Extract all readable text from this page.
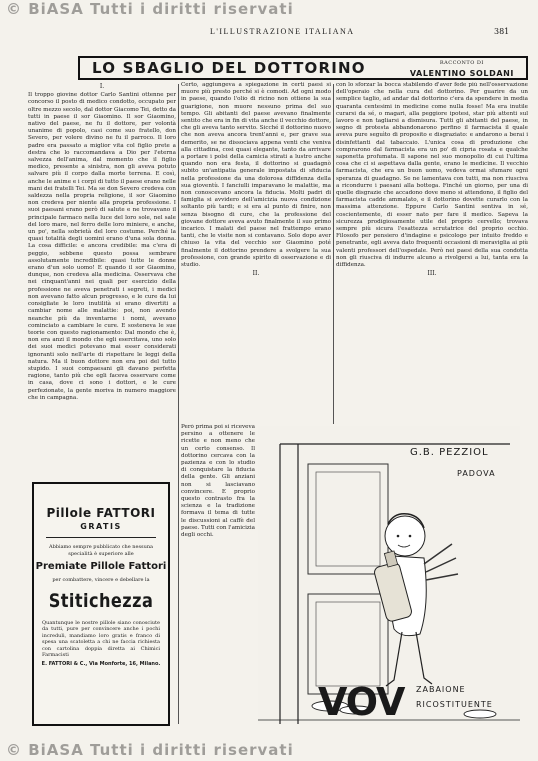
© BiASA Tutti i diritti riservati
L'ILLUSTRAZIONE ITALIANA	381
LO SBAGLIO DEL DOTTORINO	RACCONTO DI
VALENTINO SOLDANI
I.
Il troppo giovine dottor Carlo Santini ottenne per concorso il posto di medico condotto, occupato per oltre mezzo secolo, dal dottor Giacomo Tei, detto da tutti in paese il sor Giaomino. Il sor Giaomino, nativo del paese, ne fu il dottore, per volontà unanime di popolo, casi come suo fratello, don Severo, per volere divino ne fu il parroco. Il loro padre era passato a miglior vita col figlio prete a destra che lo raccomandava a Dio per l'eterna salvezza dell'anima, dal momento che il figlio medico, presente a sinistra, non gli aveva potuto salvare più il corpo dalla morte terrena. E così, anche le anime e i corpi di tutto il paese erano nelle mani dei fratelli Tei. Ma se don Severo credeva con saldezza nella propria religione, il sor Giaomino non credeva per niente alla propria professione. I suoi paesani erano però di salute e ne trovavano il principale farmaco nella luce del loro sole, nel sale del loro mare, nel ferro delle loro miniere, e anche, un po', nella sobrietà del loro costume. Perché la quasi totalità degli uomini erano d'una sola donna. La cosa difficile: e ancora credibile: ma c'era di peggio, sebbene questo possa sembrare assolutamente incredibile: quasi tutte le donne erano d'un solo uomo! E quando il sor Giaomino, dunque, non credeva alla medicina. Osservava che nei cinquant'anni nei quali per esercizio della professione ne aveva penetrati i segreti, i medici non avevano fatto alcun progresso, e le cure da lui consigliate le loro inutilità si erano divertiti a cambiar nome alle malattie: poi, non avendo neanche più da inventarne i nomi, avevano cominciato a cambiare le cure. E sosteneva le sue teorie con questo ragionamento: Dal mondo che è, non era anzi il mondo che egli esercitava, uno solo dei suoi medici potevano mai esser considerati ignoranti solo nell'arte di rispettare le leggi della natura. Ma il buon dottore non era poi del tutto stupido. I suoi compaesani gli davano perfetta ragione, tanto più che egli faceva osservare come in casa, dove ci sono i dottori, e le cure perfezionate, la gente moriva in numero maggiore che in campagna.
Certo, aggiungeva a spiegazione in certi paesi si muore più presto perché si è comodi. Ad ogni modo in paese, quando l'olio di ricino non ottiene la sua guarigione, non muore nessuno prima del suo tempo. Gli abitanti del paese avevano finalmente sentito che era in fin di vita anche il vecchio dottore, che gli aveva tanto servito. Sicché il dottorino nuovo che non aveva ancora trent'anni e, per grave sua demerito, se ne dissociava appena venti che veniva alla cittadina, cosi quasi elegante, tanto da arrivare a portare i polsi della camicia stirati a lustro anche quando non era festa, il dottorino si guadagnò subito un'antipatia generale impostata di sfiducia nella professione da una dolorosa diffidenza della sua gioventù. I fanciulli imparavano le malattie, ma non conoscevano ancora la fiducia. Molti padri di famiglia si avvidero dell'amicizia nuova condizione soltanto più tardi; e si era al punto di finire, non senza bisogno di cure, che la professione del giovane dottore aveva avuto finalmente il suo primo incarico. I malati del paese nel frattempo erano tanti, che le visite non si contavano. Solo dopo aver chiuso la vita del vecchio sor Giaomino poté finalmente il dottorino prendere a svolgere la sua professione, con grande spirito di osservazione e di studio.
II.
con lo sforzar la bocca stabilendo d'aver fede più nell'osservazione dell'operaio che nella cura del dottorino. Per guarire da un semplice taglio, ad andar dal dottorino c'era da spendere in media quaranta centesimi in medicine come nulla fosse! Ma era inutile curarsi da sé, o magari, alla peggiore ipotesi, star più attenti sul lavoro e non tagliarsi a dismisura. Tutti gli abitanti del paese, in segno di protesta abbandonarono perfino il farmacista il quale aveva pure seguìto di proposito e disgraziato: e andarono a berai i disinfettanti dal tabaccaio. L'unica cosa di produzione che comprarono dal farmacista era un po' di cipria rosata e qualche saponetta profumata. Il sapone nel suo monopolio di cui l'ultima cosa che ci si aspettava dalla gente, erano le medicine. Il vecchio farmacista, che era un buon uomo, vedeva ormai sfumare ogni speranza di guadagno. Se ne lamentava con tutti, ma non riusciva a ricondurre i paesani alla bottega. Finché un giorno, per una di quelle disgrazie che accadono dove meno si attendono, il figlio del farmacista cadde ammalato, e il dottorino dovette curarlo con la massima attenzione. Eppure Carlo Santini sentiva in sé, coscientemente, di esser nato per fare il medico. Sapeva la sicurezza prodigiosamente utile del proprio cervello; trovava sempre più sicura l'esattezza scrutatrice del proprio occhio. Filosofo per pensiero d'indagine e psicologo per intuito freddo e penetrante, egli aveva dato frequenti occasioni di meraviglia ai più valenti professori dell'ospedale. Però nei paesi della sua condotta non gli riusciva di indurre alcuno a rivolgersi a lui, tanta era la diffidenza.
III.
Però prima poi si riceveva persino a ottenere le ricette e non meno che un certo consenso. Il dottorino cercava con la pazienza e con lo studio di conquistare la fiducia della gente. Gli anziani non si lasciavano convincere. E proprio questo contrasto fra la scienza e la tradizione formava il tema di tutte le discussioni al caffè del paese. Tutti con l'amicizia degli occhi.
G.B. PEZZIOL
PADOVA
VOV ZABAIONE
RICOSTITUENTE
Pillole FATTORI
GRATIS
Abbiamo sempre pubblicato che nessuna specialità è superiore alle
Premiate Pillole Fattori
per combattere, vincere e debellare la
Stitichezza
Quantunque le nostre pillole siano conosciute da tutti, pure per convincere anche i pochi increduli, mandiamo loro gratis e franco di spesa una scatoletta a chi ne faccia richiesta con cartolina doppia diretta ai Chimici Farmacisti
E. FATTORI & C., Via Monforte, 16, Milano.
© BiASA Tutti i diritti riservati
